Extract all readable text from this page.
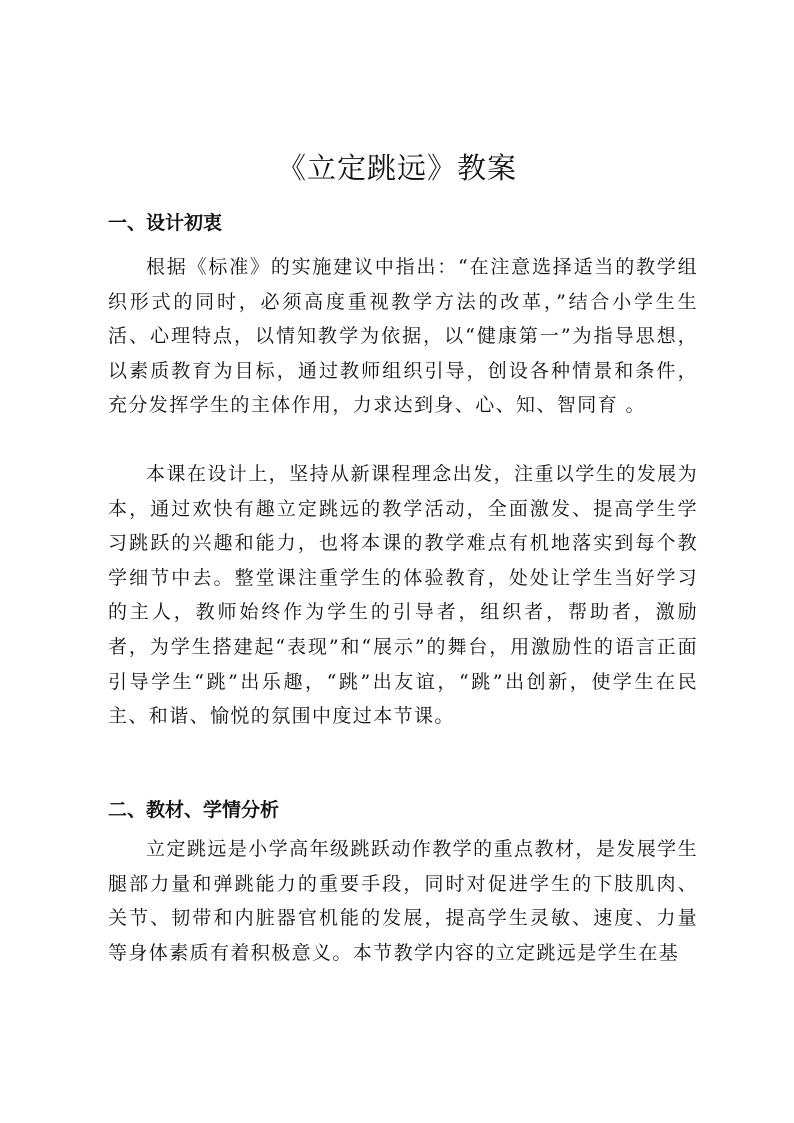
《立定跳远》教案
一、设计初衷

根据《标准》的实施建议中指出：“在注意选择适当的教学组织形式的同时，必须高度重视教学方法的改革，”结合小学生生活、心理特点，以情知教学为依据，以“健康第一”为指导思想，以素质教育为目标，通过教师组织引导，创设各种情景和条件，充分发挥学生的主体作用，力求达到身、心、知、智同育 。

本课在设计上，坚持从新课程理念出发，注重以学生的发展为本，通过欢快有趣立定跳远的教学活动，全面激发、提高学生学习跳跃的兴趣和能力，也将本课的教学难点有机地落实到每个教学细节中去。整堂课注重学生的体验教育，处处让学生当好学习的主人，教师始终作为学生的引导者，组织者，帮助者，激励者，为学生搭建起“表现”和“展示”的舞台，用激励性的语言正面引导学生“跳”出乐趣，“跳”出友谊，“跳”出创新，使学生在民主、和谐、愉悦的氛围中度过本节课。

二、教材、学情分析

立定跳远是小学高年级跳跃动作教学的重点教材，是发展学生腿部力量和弹跳能力的重要手段，同时对促进学生的下肢肌肉、关节、韧带和内脏器官机能的发展，提高学生灵敏、速度、力量等身体素质有着积极意义。本节教学内容的立定跳远是学生在基
